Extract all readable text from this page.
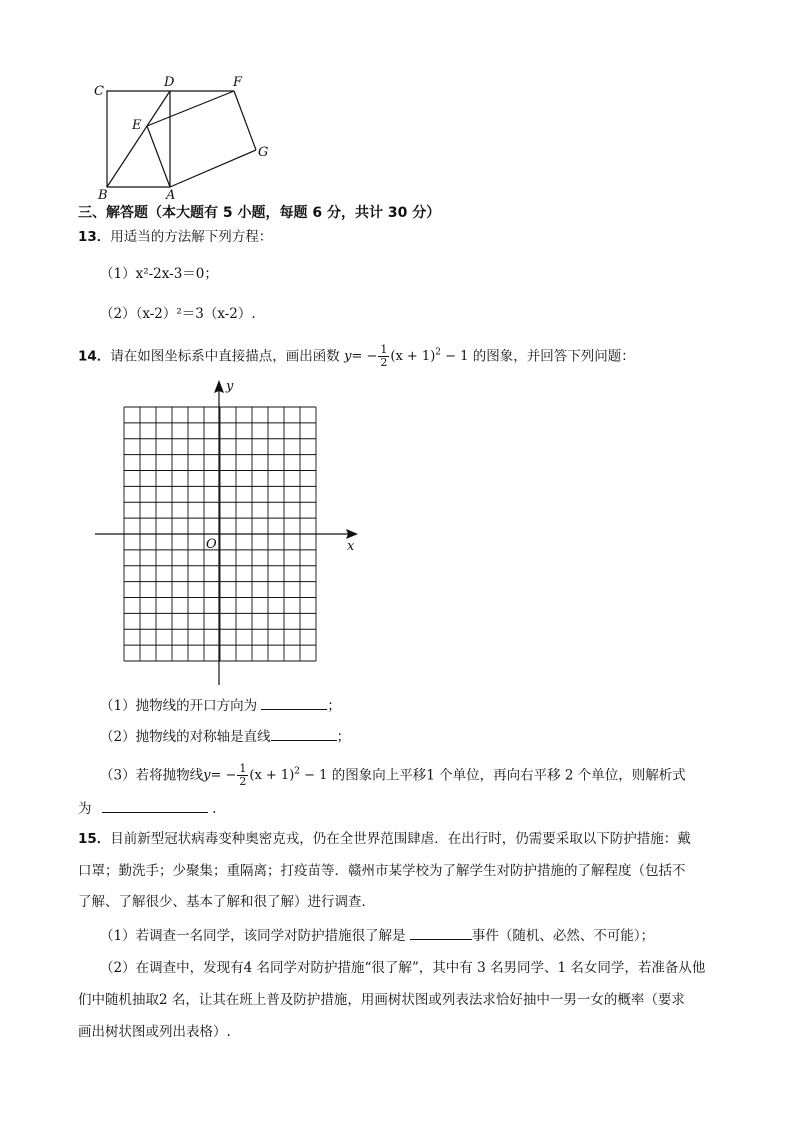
C
D	F
E
G
B	A
三、解答题（本大题有 5 小题，每题 6 分，共计 30 分）
13．用适当的方法解下列方程：
（1）x²-2x-3＝0；
（2）（x-2）²＝3（x-2）.
14．请在如图坐标系中直接描点，画出函数 $y= - \frac{1}{2} (x + 1)^2 - 1$ 的图象，并回答下列问题：
x
y
O
（1）抛物线的开口方向为	；
（2）抛物线的对称轴是直线	；
（3）若将抛物线$y= - \frac{1}{2} (x + 1)^2 - 1$ 的图象向上平移1 个单位，再向右平移 2 个单位，则解析式
为	.
15．目前新型冠状病毒变种奥密克戎，仍在全世界范围肆虐．在出行时，仍需要采取以下防护措施：戴
口罩；勤洗手；少聚集；重隔离；打疫苗等．赣州市某学校为了解学生对防护措施的了解程度（包括不
了解、了解很少、基本了解和很了解）进行调查．
（1）若调查一名同学，该同学对防护措施很了解是	事件（随机、必然、不可能）；
（2）在调查中，发现有4 名同学对防护措施“很了解”，其中有 3 名男同学、1 名女同学，若准备从他
们中随机抽取2 名，让其在班上普及防护措施，用画树状图或列表法求恰好抽中一男一女的概率（要求
画出树状图或列出表格）.
